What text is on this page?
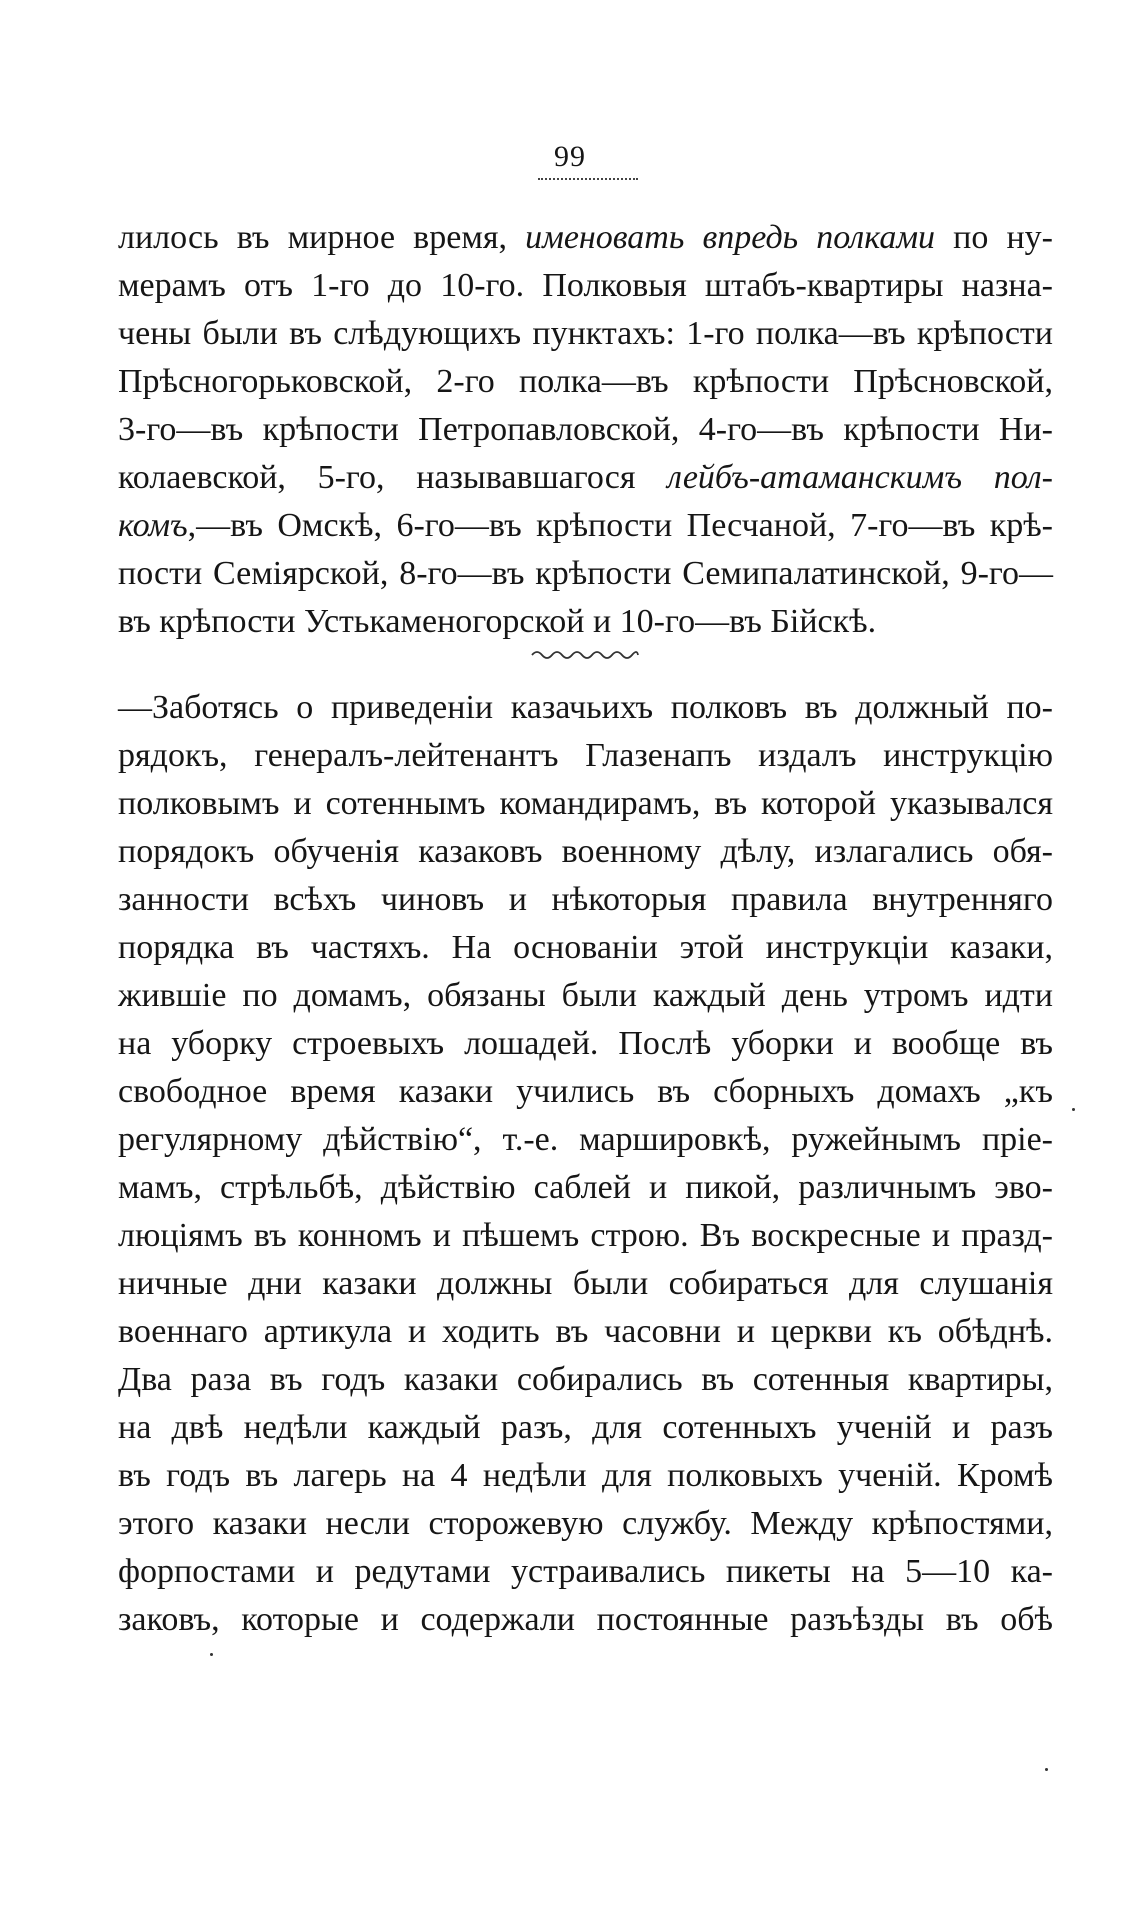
99
лилось въ мирное время, именовать впредь полками по ну-
мерамъ отъ 1-го до 10-го. Полковыя штабъ-квартиры назна-
чены были въ слѣдующихъ пунктахъ: 1-го полка—въ крѣпости
Прѣсногорьковской, 2-го полка—въ крѣпости Прѣсновской,
3-го—въ крѣпости Петропавловской, 4-го—въ крѣпости Ни-
колаевской, 5-го, называвшагося лейбъ-атаманскимъ пол-
комъ,—въ Омскѣ, 6-го—въ крѣпости Песчаной, 7-го—въ крѣ-
пости Семіярской, 8-го—въ крѣпости Семипалатинской, 9-го—
въ крѣпости Устькаменогорской и 10-го—въ Бійскѣ.
—Заботясь о приведеніи казачьихъ полковъ въ должный по-
рядокъ, генералъ-лейтенантъ Глазенапъ издалъ инструкцію
полковымъ и сотеннымъ командирамъ, въ которой указывался
порядокъ обученія казаковъ военному дѣлу, излагались обя-
занности всѣхъ чиновъ и нѣкоторыя правила внутренняго
порядка въ частяхъ. На основаніи этой инструкціи казаки,
жившіе по домамъ, обязаны были каждый день утромъ идти
на уборку строевыхъ лошадей. Послѣ уборки и вообще въ
свободное время казаки учились въ сборныхъ домахъ „къ
регулярному дѣйствію“, т.-е. маршировкѣ, ружейнымъ пріе-
мамъ, стрѣльбѣ, дѣйствію саблей и пикой, различнымъ эво-
люціямъ въ конномъ и пѣшемъ строю. Въ воскресные и празд-
ничные дни казаки должны были собираться для слушанія
военнаго артикула и ходить въ часовни и церкви къ обѣднѣ.
Два раза въ годъ казаки собирались въ сотенныя квартиры,
на двѣ недѣли каждый разъ, для сотенныхъ ученій и разъ
въ годъ въ лагерь на 4 недѣли для полковыхъ ученій. Кромѣ
этого казаки несли сторожевую службу. Между крѣпостями,
форпостами и редутами устраивались пикеты на 5—10 ка-
заковъ, которые и содержали постоянные разъѣзды въ обѣ
